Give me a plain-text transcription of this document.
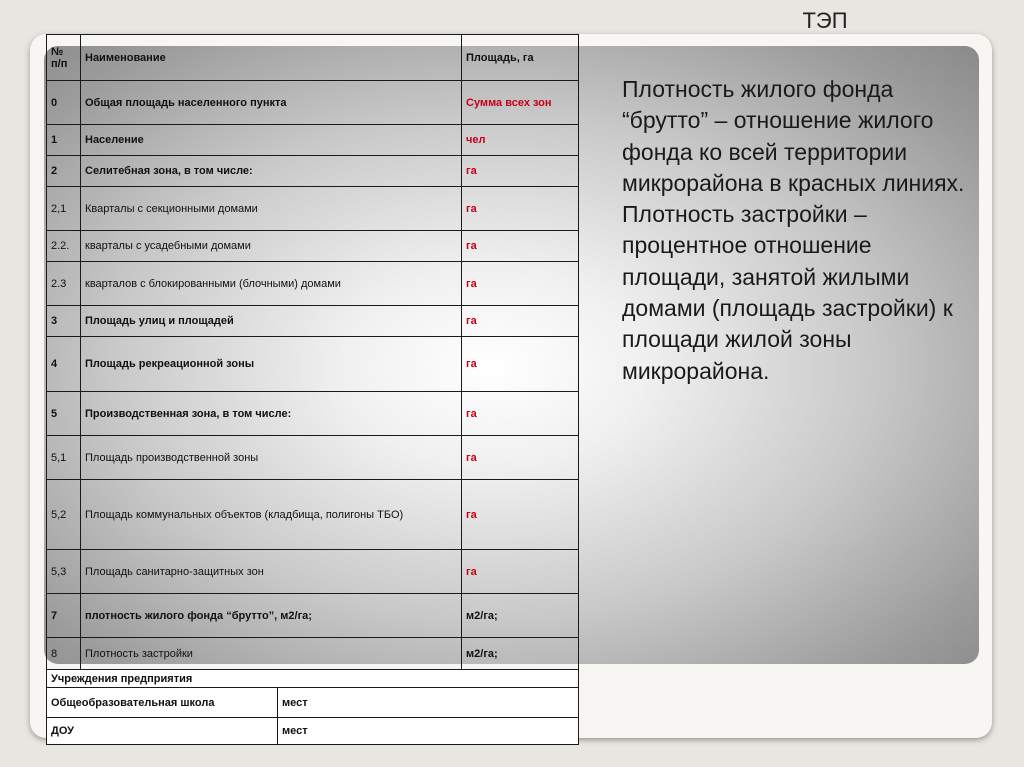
ТЭП

Плотность жилого фонда “брутто” – отношение жилого фонда ко всей территории микрорайона в красных линиях.

Плотность застройки – процентное отношение площади, занятой жилыми домами (площадь застройки) к площади жилой зоны микрорайона.

№ п/п	Наименование		Площадь, га
0	Общая площадь населенного пункта		Сумма всех зон
1	Население		чел
2	Селитебная зона, в том числе:		га
2,1	Кварталы с секционными домами		га
2.2.	кварталы с усадебными домами		га
2.3	кварталов с блокированными (блочными) домами		га
3	Площадь улиц и площадей		га
4	Площадь рекреационной зоны		га
5	Производственная зона, в том числе:		га
5,1	Площадь производственной зоны		га
5,2	Площадь коммунальных объектов (кладбища, полигоны ТБО)		га
5,3	Площадь санитарно-защитных зон		га
7	плотность жилого фонда “брутто”, м2/га;		м2/га;
8	Плотность застройки		м2/га;
Учреждения предприятия			
Общеобразовательная школа		мест	
ДОУ		мест	
